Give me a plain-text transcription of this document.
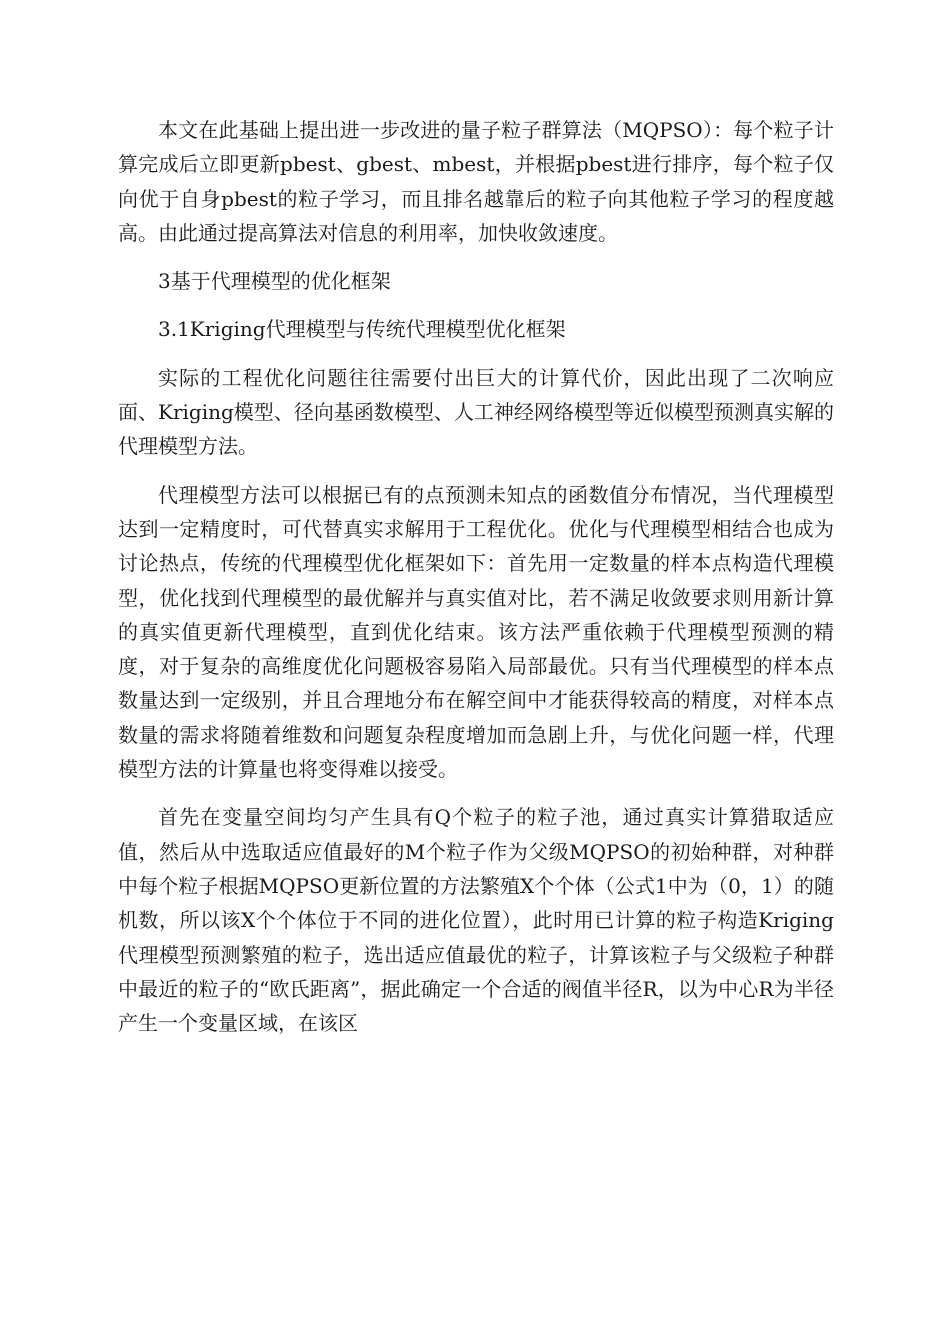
本文在此基础上提出进一步改进的量子粒子群算法（MQPSO）：每个粒子计算完成后立即更新pbest、gbest、mbest，并根据pbest进行排序，每个粒子仅向优于自身pbest的粒子学习，而且排名越靠后的粒子向其他粒子学习的程度越高。由此通过提高算法对信息的利用率，加快收敛速度。

3基于代理模型的优化框架

3.1Kriging代理模型与传统代理模型优化框架

实际的工程优化问题往往需要付出巨大的计算代价，因此出现了二次响应面、Kriging模型、径向基函数模型、人工神经网络模型等近似模型预测真实解的代理模型方法。

代理模型方法可以根据已有的点预测未知点的函数值分布情况，当代理模型达到一定精度时，可代替真实求解用于工程优化。优化与代理模型相结合也成为讨论热点，传统的代理模型优化框架如下：首先用一定数量的样本点构造代理模型，优化找到代理模型的最优解并与真实值对比，若不满足收敛要求则用新计算的真实值更新代理模型，直到优化结束。该方法严重依赖于代理模型预测的精度，对于复杂的高维度优化问题极容易陷入局部最优。只有当代理模型的样本点数量达到一定级别，并且合理地分布在解空间中才能获得较高的精度，对样本点数量的需求将随着维数和问题复杂程度增加而急剧上升，与优化问题一样，代理模型方法的计算量也将变得难以接受。

首先在变量空间均匀产生具有Q个粒子的粒子池，通过真实计算猎取适应值，然后从中选取适应值最好的M个粒子作为父级MQPSO的初始种群，对种群中每个粒子根据MQPSO更新位置的方法繁殖X个个体（公式1中为（0，1）的随机数，所以该X个个体位于不同的进化位置），此时用已计算的粒子构造Kriging代理模型预测繁殖的粒子，选出适应值最优的粒子，计算该粒子与父级粒子种群中最近的粒子的“欧氏距离”，据此确定一个合适的阀值半径R，以为中心R为半径产生一个变量区域，在该区
